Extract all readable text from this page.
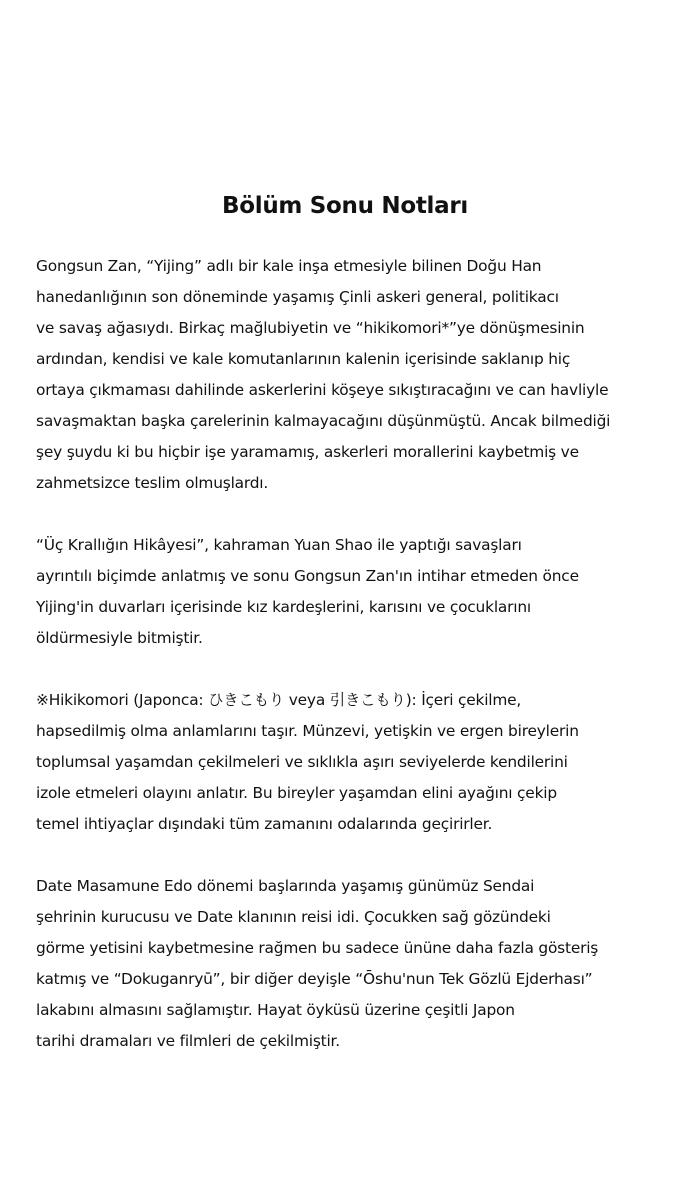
Bölüm Sonu Notları
Gongsun Zan, “Yijing” adlı bir kale inşa etmesiyle bilinen Doğu Han
hanedanlığının son döneminde yaşamış Çinli askeri general, politikacı
ve savaş ağasıydı. Birkaç mağlubiyetin ve “hikikomori*”ye dönüşmesinin
ardından, kendisi ve kale komutanlarının kalenin içerisinde saklanıp hiç
ortaya çıkmaması dahilinde askerlerini köşeye sıkıştıracağını ve can havliyle
savaşmaktan başka çarelerinin kalmayacağını düşünmüştü. Ancak bilmediği
şey şuydu ki bu hiçbir işe yaramamış, askerleri morallerini kaybetmiş ve
zahmetsizce teslim olmuşlardı.
“Üç Krallığın Hikâyesi”, kahraman Yuan Shao ile yaptığı savaşları
ayrıntılı biçimde anlatmış ve sonu Gongsun Zan'ın intihar etmeden önce
Yijing'in duvarları içerisinde kız kardeşlerini, karısını ve çocuklarını
öldürmesiyle bitmiştir.
※Hikikomori (Japonca: ひきこもり veya 引きこもり): İçeri çekilme,
hapsedilmiş olma anlamlarını taşır. Münzevi, yetişkin ve ergen bireylerin
toplumsal yaşamdan çekilmeleri ve sıklıkla aşırı seviyelerde kendilerini
izole etmeleri olayını anlatır. Bu bireyler yaşamdan elini ayağını çekip
temel ihtiyaçlar dışındaki tüm zamanını odalarında geçirirler.
Date Masamune Edo dönemi başlarında yaşamış günümüz Sendai
şehrinin kurucusu ve Date klanının reisi idi. Çocukken sağ gözündeki
görme yetisini kaybetmesine rağmen bu sadece ününe daha fazla gösteriş
katmış ve “Dokuganryū”, bir diğer deyişle “Ōshu'nun Tek Gözlü Ejderhası”
lakabını almasını sağlamıştır. Hayat öyküsü üzerine çeşitli Japon
tarihi dramaları ve filmleri de çekilmiştir.
